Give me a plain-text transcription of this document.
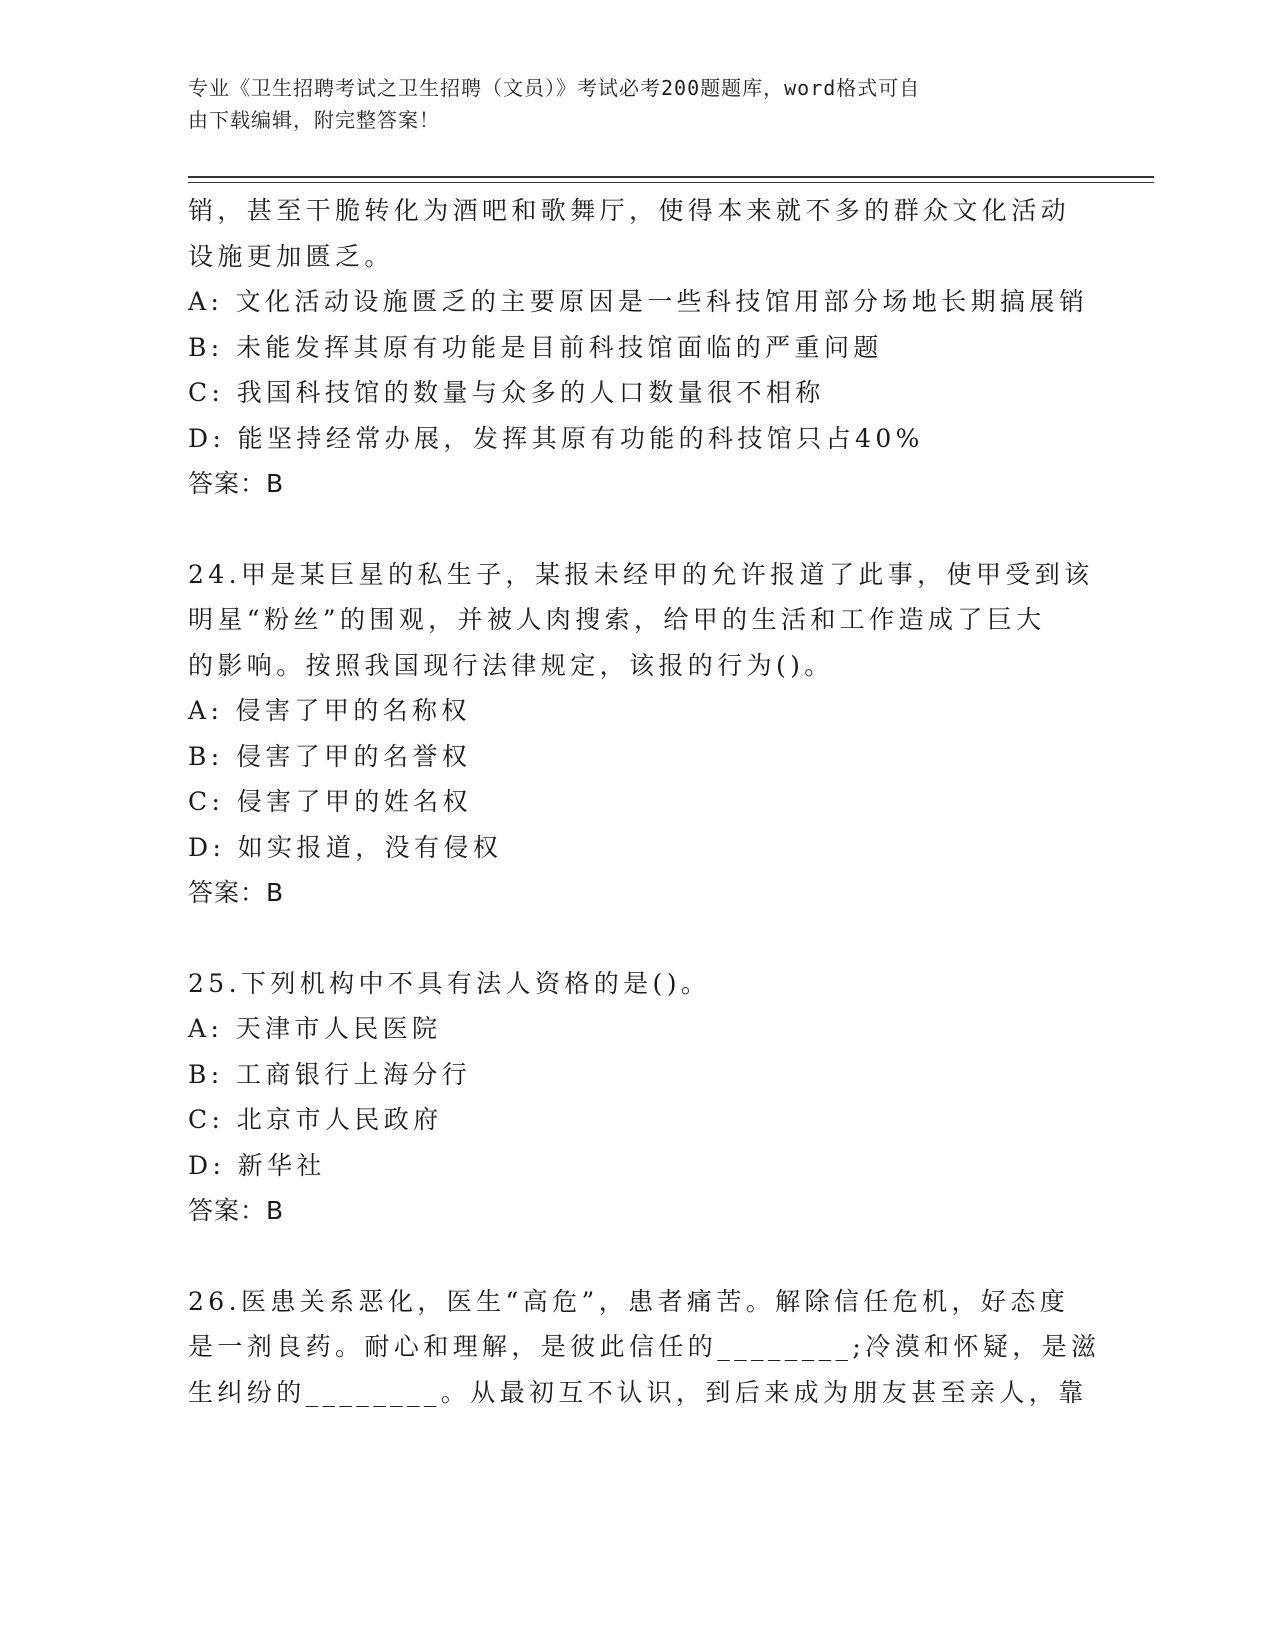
专业《卫生招聘考试之卫生招聘（文员）》考试必考200题题库，word格式可自
由下载编辑，附完整答案！
销，甚至干脆转化为酒吧和歌舞厅，使得本来就不多的群众文化活动
设施更加匮乏。
A: 文化活动设施匮乏的主要原因是一些科技馆用部分场地长期搞展销
B: 未能发挥其原有功能是目前科技馆面临的严重问题
C: 我国科技馆的数量与众多的人口数量很不相称
D: 能坚持经常办展，发挥其原有功能的科技馆只占40%
答案：B
24.甲是某巨星的私生子，某报未经甲的允许报道了此事，使甲受到该
明星“粉丝”的围观，并被人肉搜索，给甲的生活和工作造成了巨大
的影响。按照我国现行法律规定，该报的行为()。
A: 侵害了甲的名称权
B: 侵害了甲的名誉权
C: 侵害了甲的姓名权
D: 如实报道，没有侵权
答案：B
25.下列机构中不具有法人资格的是()。
A: 天津市人民医院
B: 工商银行上海分行
C: 北京市人民政府
D: 新华社
答案：B
26.医患关系恶化，医生“高危”，患者痛苦。解除信任危机，好态度
是一剂良药。耐心和理解，是彼此信任的________;冷漠和怀疑，是滋
生纠纷的________。从最初互不认识，到后来成为朋友甚至亲人，靠
